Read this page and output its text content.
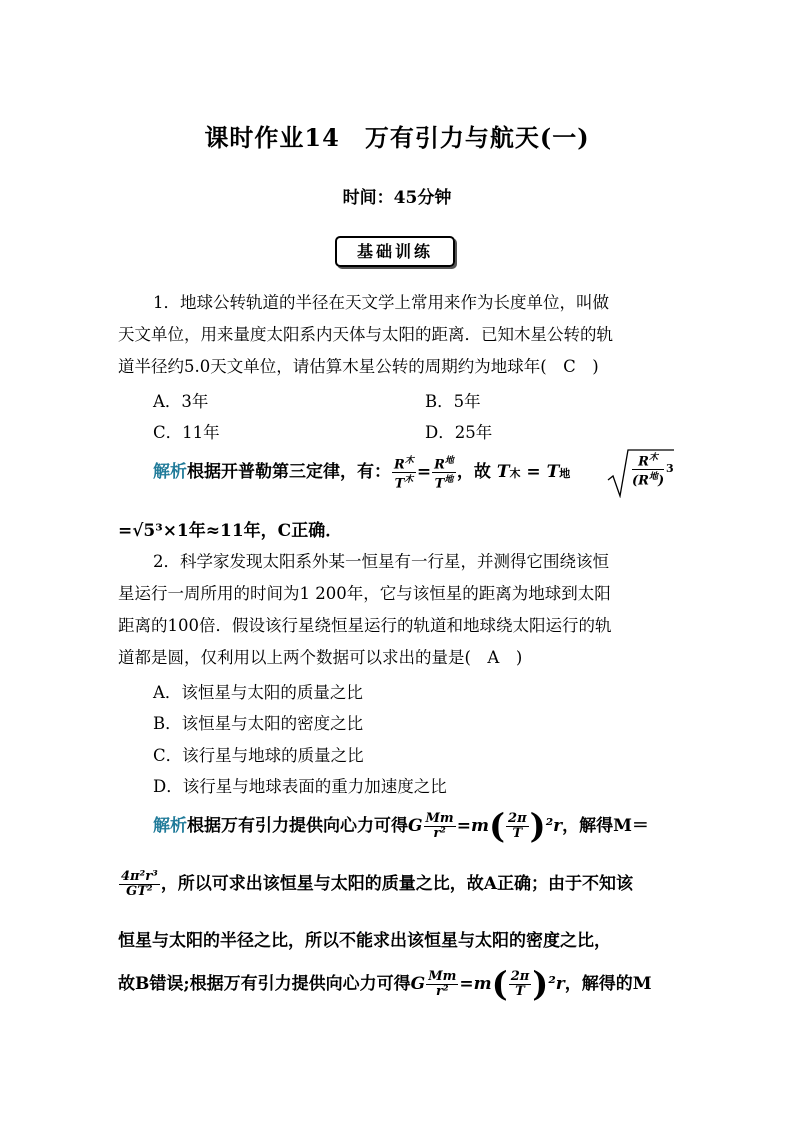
课时作业14　万有引力与航天(一)
时间：45分钟
基础训练
1．地球公转轨道的半径在天文学上常用来作为长度单位，叫做
天文单位，用来量度太阳系内天体与太阳的距离．已知木星公转的轨
道半径约5.0天文单位，请估算木星公转的周期约为地球年(　C　)
A．3年	B．5年
C．11年	D．25年
解析根据开普勒第三定律，有： $\frac{R^木}{T^木} = \frac{R^地}{T^地}$ ，故 T木 = T地
$R^木$
$(R^地)$
3
=√5³×1年≈11年，C正确．
2．科学家发现太阳系外某一恒星有一行星，并测得它围绕该恒
星运行一周所用的时间为1 200年，它与该恒星的距离为地球到太阳
距离的100倍．假设该行星绕恒星运行的轨道和地球绕太阳运行的轨
道都是圆，仅利用以上两个数据可以求出的量是(　A　)
A．该恒星与太阳的质量之比
B．该恒星与太阳的密度之比
C．该行星与地球的质量之比
D．该行星与地球表面的重力加速度之比
解析根据万有引力提供向心力可得G $\frac{Mm}{\text{r²}} =m( \frac{2\pi}{T} )^2r$，解得M＝
$\frac{\text{4π²r³}}{\text{GT²}}$ ，所以可求出该恒星与太阳的质量之比，故A正确；由于不知该
恒星与太阳的半径之比，所以不能求出该恒星与太阳的密度之比，
故B错误;根据万有引力提供向心力可得G $\frac{Mm}{\text{r²}} =m( \frac{2\pi}{T} )^2r$，解得的M
